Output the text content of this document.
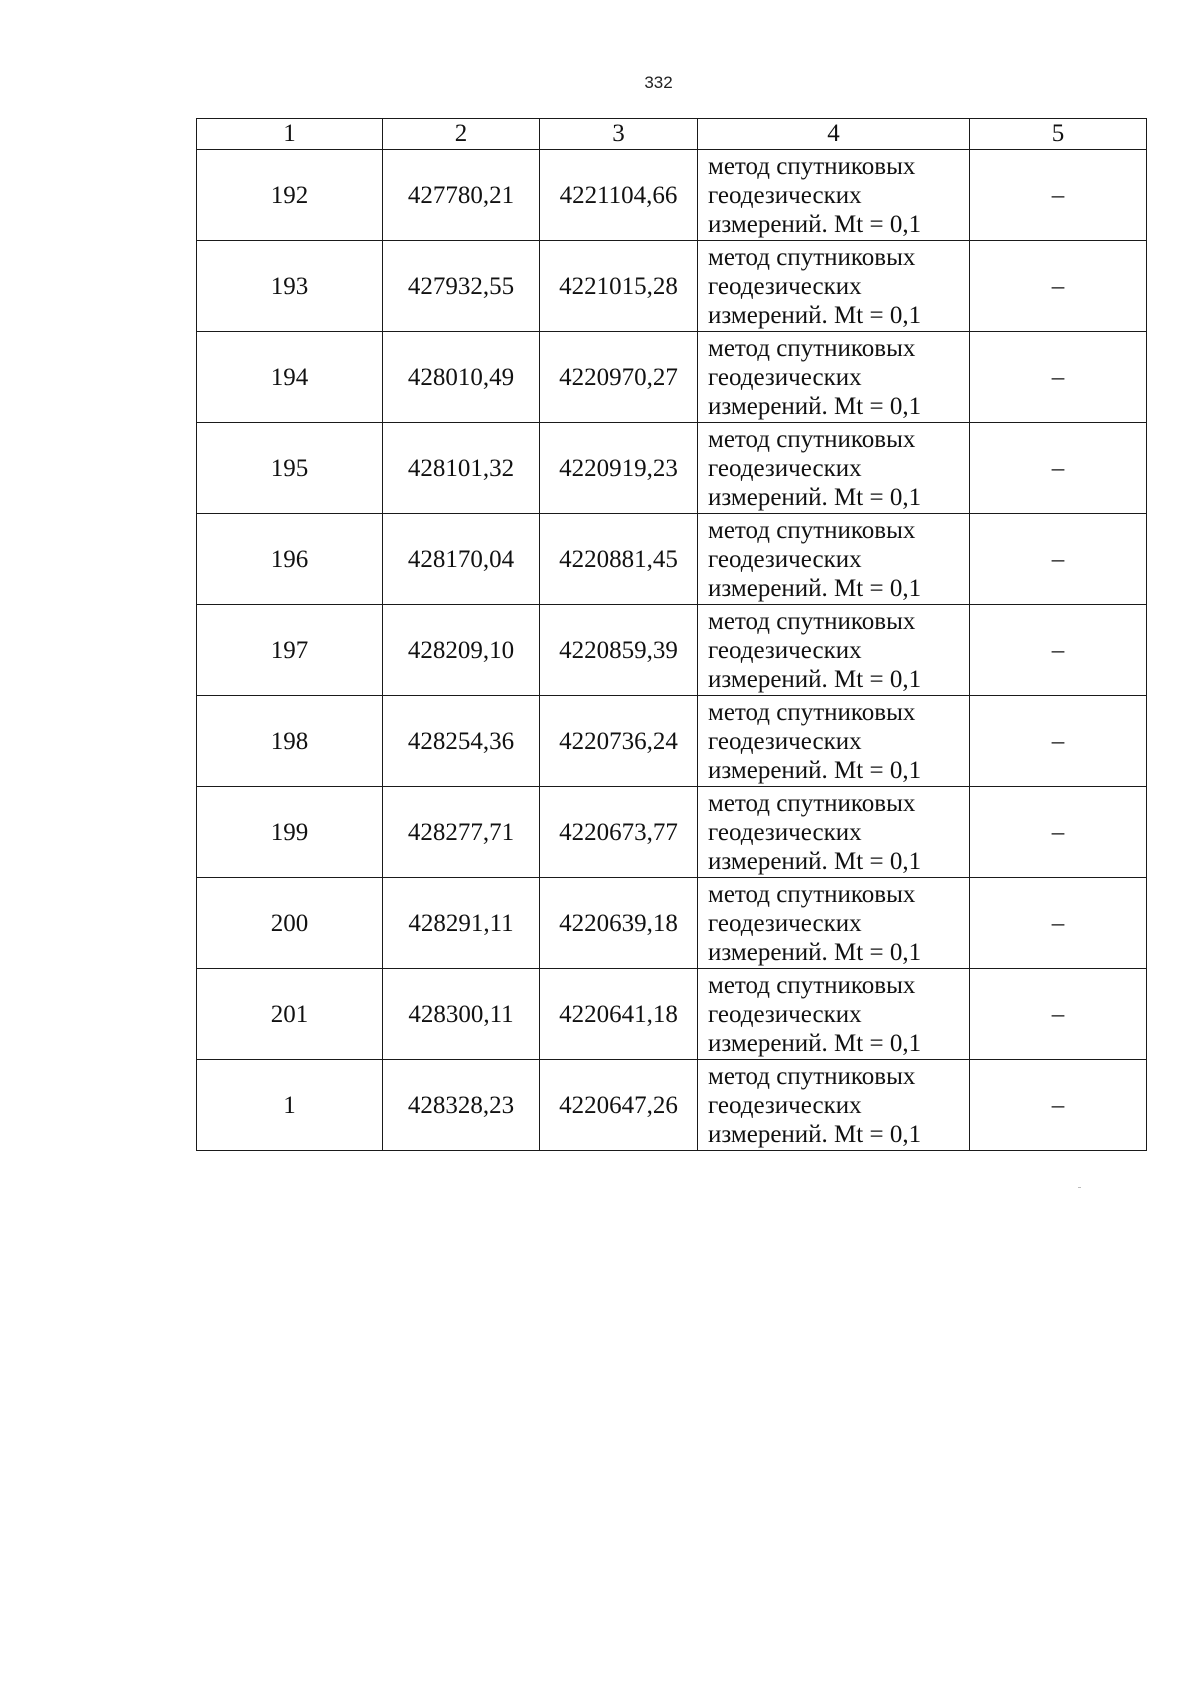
332
1	2	3	4	5
192	427780,21	4221104,66	метод спутниковых
геодезических
измерений. Mt = 0,1	–
193	427932,55	4221015,28	метод спутниковых
геодезических
измерений. Mt = 0,1	–
194	428010,49	4220970,27	метод спутниковых
геодезических
измерений. Mt = 0,1	–
195	428101,32	4220919,23	метод спутниковых
геодезических
измерений. Mt = 0,1	–
196	428170,04	4220881,45	метод спутниковых
геодезических
измерений. Mt = 0,1	–
197	428209,10	4220859,39	метод спутниковых
геодезических
измерений. Mt = 0,1	–
198	428254,36	4220736,24	метод спутниковых
геодезических
измерений. Mt = 0,1	–
199	428277,71	4220673,77	метод спутниковых
геодезических
измерений. Mt = 0,1	–
200	428291,11	4220639,18	метод спутниковых
геодезических
измерений. Mt = 0,1	–
201	428300,11	4220641,18	метод спутниковых
геодезических
измерений. Mt = 0,1	–
1	428328,23	4220647,26	метод спутниковых
геодезических
измерений. Mt = 0,1	–
